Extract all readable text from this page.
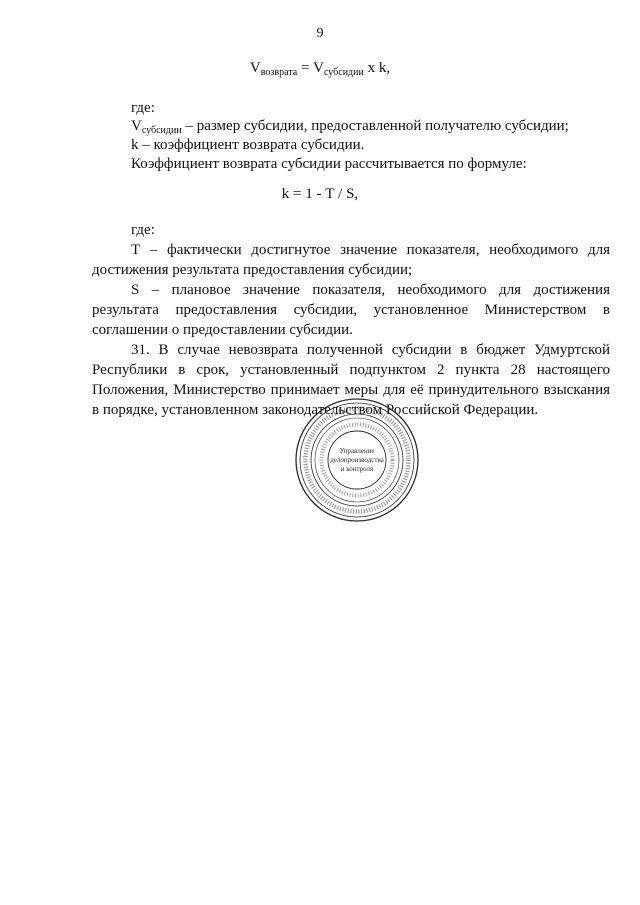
9
$V_{возврата} = V_{субсидии}$ х k,
где:
$V_{субсидии}$ – размер субсидии, предоставленной получателю субсидии;
k – коэффициент возврата субсидии.
Коэффициент возврата субсидии рассчитывается по формуле:
k = 1 - Т / S,
где:
Т – фактически достигнутое значение показателя, необходимого для достижения результата предоставления субсидии;
S – плановое значение показателя, необходимого для достижения результата предоставления субсидии, установленное Министерством в соглашении о предоставлении субсидии.
31. В случае невозврата полученной субсидии в бюджет Удмуртской Республики в срок, установленный подпунктом 2 пункта 28 настоящего Положения, Министерство принимает меры для её принудительного взыскания в порядке, установленном законодательством Российской Федерации.
Управление
делопроизводства
и контроля
